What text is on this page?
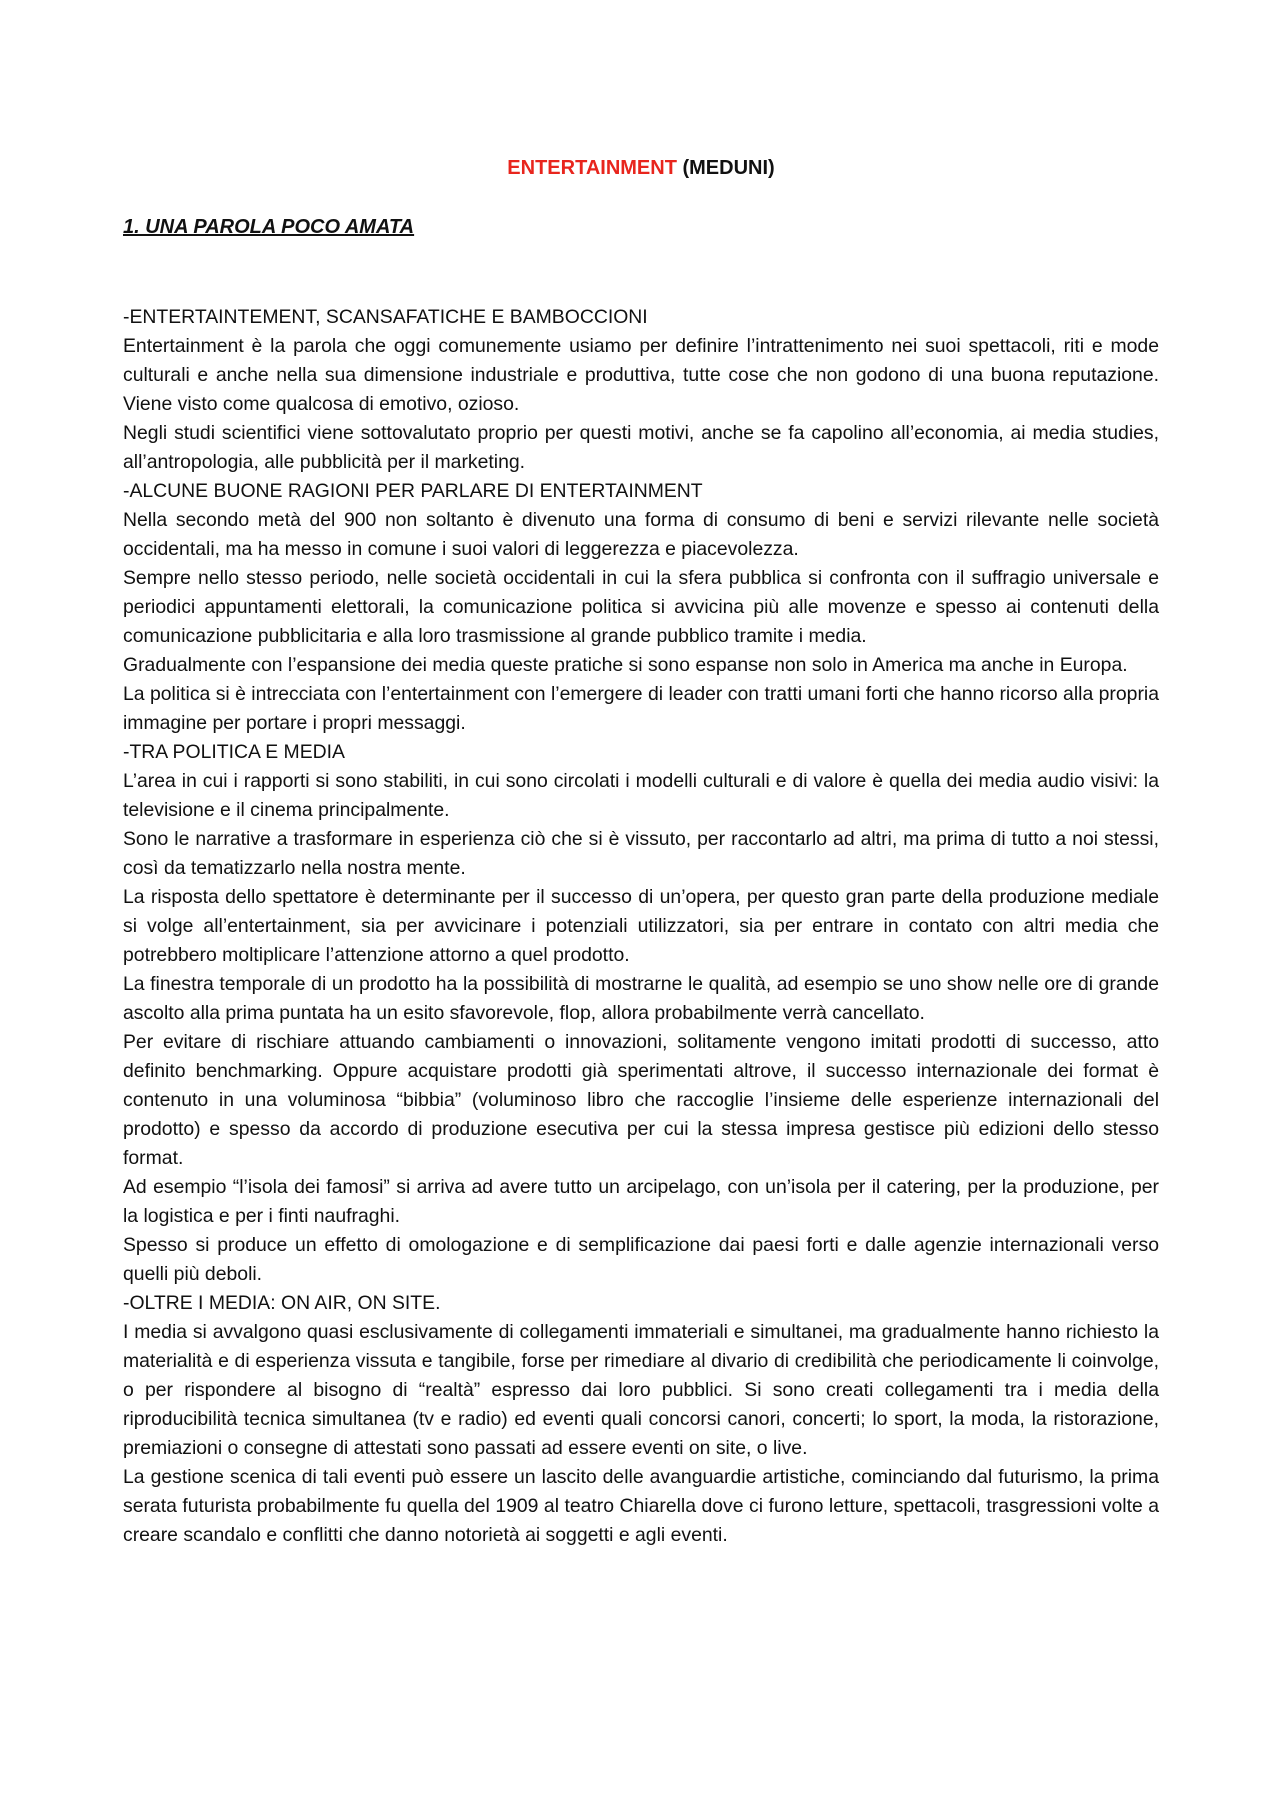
ENTERTAINMENT (MEDUNI)
1. UNA PAROLA POCO AMATA

-ENTERTAINTEMENT, SCANSAFATICHE E BAMBOCCIONI

Entertainment è la parola che oggi comunemente usiamo per definire l’intrattenimento nei suoi spettacoli, riti e mode culturali e anche nella sua dimensione industriale e produttiva, tutte cose che non godono di una buona reputazione. Viene visto come qualcosa di emotivo, ozioso.

Negli studi scientifici viene sottovalutato proprio per questi motivi, anche se fa capolino all’economia, ai media studies, all’antropologia, alle pubblicità per il marketing.

-ALCUNE BUONE RAGIONI PER PARLARE DI ENTERTAINMENT

Nella secondo metà del 900 non soltanto è divenuto una forma di consumo di beni e servizi rilevante nelle società occidentali, ma ha messo in comune i suoi valori di leggerezza e piacevolezza.

Sempre nello stesso periodo, nelle società occidentali in cui la sfera pubblica si confronta con il suffragio universale e periodici appuntamenti elettorali, la comunicazione politica si avvicina più alle movenze e spesso ai contenuti della comunicazione pubblicitaria e alla loro trasmissione al grande pubblico tramite i media.

Gradualmente con l’espansione dei media queste pratiche si sono espanse non solo in America ma anche in Europa.

La politica si è intrecciata con l’entertainment con l’emergere di leader con tratti umani forti che hanno ricorso alla propria immagine per portare i propri messaggi.

-TRA POLITICA E MEDIA

L’area in cui i rapporti si sono stabiliti, in cui sono circolati i modelli culturali e di valore è quella dei media audio visivi: la televisione e il cinema principalmente.

Sono le narrative a trasformare in esperienza ciò che si è vissuto, per raccontarlo ad altri, ma prima di tutto a noi stessi, così da tematizzarlo nella nostra mente.

La risposta dello spettatore è determinante per il successo di un’opera, per questo gran parte della produzione mediale si volge all’entertainment, sia per avvicinare i potenziali utilizzatori, sia per entrare in contato con altri media che potrebbero moltiplicare l’attenzione attorno a quel prodotto.

La finestra temporale di un prodotto ha la possibilità di mostrarne le qualità, ad esempio se uno show nelle ore di grande ascolto alla prima puntata ha un esito sfavorevole, flop, allora probabilmente verrà cancellato.

Per evitare di rischiare attuando cambiamenti o innovazioni, solitamente vengono imitati prodotti di successo, atto definito benchmarking. Oppure acquistare prodotti già sperimentati altrove, il successo internazionale dei format è contenuto in una voluminosa “bibbia” (voluminoso libro che raccoglie l’insieme delle esperienze internazionali del prodotto) e spesso da accordo di produzione esecutiva per cui la stessa impresa gestisce più edizioni dello stesso format.

Ad esempio “l’isola dei famosi” si arriva ad avere tutto un arcipelago, con un’isola per il catering, per la produzione, per la logistica e per i finti naufraghi.

Spesso si produce un effetto di omologazione e di semplificazione dai paesi forti e dalle agenzie internazionali verso quelli più deboli.

-OLTRE I MEDIA: ON AIR, ON SITE.

I media si avvalgono quasi esclusivamente di collegamenti immateriali e simultanei, ma gradualmente hanno richiesto la materialità e di esperienza vissuta e tangibile, forse per rimediare al divario di credibilità che periodicamente li coinvolge, o per rispondere al bisogno di “realtà” espresso dai loro pubblici. Si sono creati collegamenti tra i media della riproducibilità tecnica simultanea (tv e radio) ed eventi quali concorsi canori, concerti; lo sport, la moda, la ristorazione, premiazioni o consegne di attestati sono passati ad essere eventi on site, o live.

La gestione scenica di tali eventi può essere un lascito delle avanguardie artistiche, cominciando dal futurismo, la prima serata futurista probabilmente fu quella del 1909 al teatro Chiarella dove ci furono letture, spettacoli, trasgressioni volte a creare scandalo e conflitti che danno notorietà ai soggetti e agli eventi.
